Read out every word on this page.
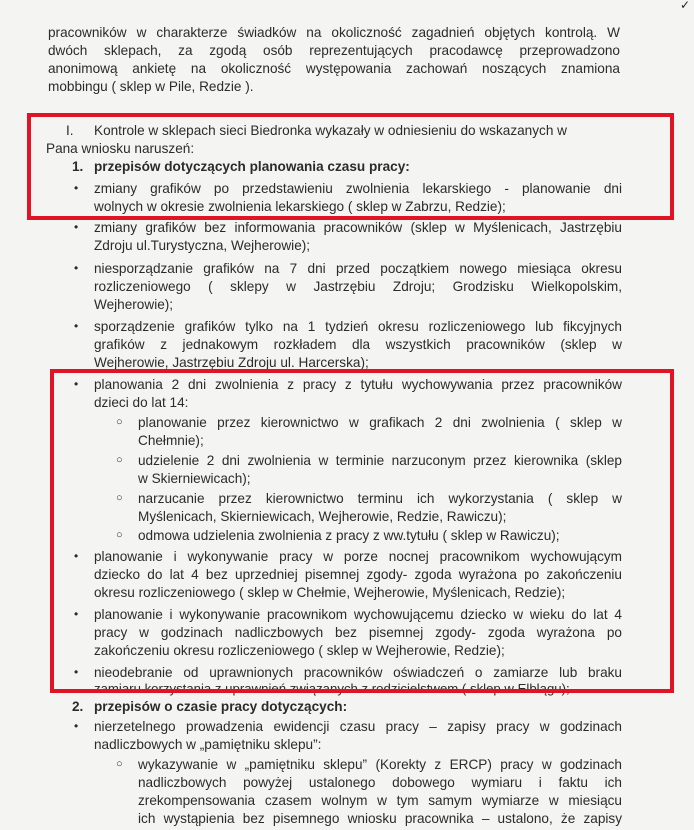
✓
pracowników w charakterze świadków na okoliczność zagadnień objętych kontrolą. W
dwóch sklepach, za zgodą osób reprezentujących pracodawcę przeprowadzono
anonimową ankietę na okoliczność występowania zachowań noszących znamiona
mobbingu ( sklep w Pile, Redzie ).
I. Kontrole w sklepach sieci Biedronka wykazały w odniesieniu do wskazanych w
Pana wniosku naruszeń:
1. przepisów dotyczących planowania czasu pracy:
• zmiany grafików po przedstawieniu zwolnienia lekarskiego - planowanie dni
wolnych w okresie zwolnienia lekarskiego ( sklep w Zabrzu, Redzie);
• zmiany grafików bez informowania pracowników (sklep w Myślenicach, Jastrzębiu
Zdroju ul.Turystyczna, Wejherowie);
• niesporządzanie grafików na 7 dni przed początkiem nowego miesiąca okresu
rozliczeniowego ( sklepy w Jastrzębiu Zdroju; Grodzisku Wielkopolskim,
Wejherowie);
• sporządzenie grafików tylko na 1 tydzień okresu rozliczeniowego lub fikcyjnych
grafików z jednakowym rozkładem dla wszystkich pracowników (sklep w
Wejherowie, Jastrzębiu Zdroju ul. Harcerska);
• planowania 2 dni zwolnienia z pracy z tytułu wychowywania przez pracowników
dzieci do lat 14:
○ planowanie przez kierownictwo w grafikach 2 dni zwolnienia ( sklep w
Chełmnie);
○ udzielenie 2 dni zwolnienia w terminie narzuconym przez kierownika (sklep
w Skierniewicach);
○ narzucanie przez kierownictwo terminu ich wykorzystania ( sklep w
Myślenicach, Skierniewicach, Wejherowie, Redzie, Rawiczu);
○ odmowa udzielenia zwolnienia z pracy z ww.tytułu ( sklep w Rawiczu);
• planowanie i wykonywanie pracy w porze nocnej pracownikom wychowującym
dziecko do lat 4 bez uprzedniej pisemnej zgody- zgoda wyrażona po zakończeniu
okresu rozliczeniowego ( sklep w Chełmie, Wejherowie, Myślenicach, Redzie);
• planowanie i wykonywanie pracownikom wychowującemu dziecko w wieku do lat 4
pracy w godzinach nadliczbowych bez pisemnej zgody- zgoda wyrażona po
zakończeniu okresu rozliczeniowego ( sklep w Wejherowie, Redzie);
• nieodebranie od uprawnionych pracowników oświadczeń o zamiarze lub braku
zamiaru korzystania z uprawnień związanych z rodzicielstwem ( sklep w Elblągu);
2. przepisów o czasie pracy dotyczących:
• nierzetelnego prowadzenia ewidencji czasu pracy – zapisy pracy w godzinach
nadliczbowych w „pamiętniku sklepu”:
○ wykazywanie w „pamiętniku sklepu” (Korekty z ERCP) pracy w godzinach
nadliczbowych powyżej ustalonego dobowego wymiaru i faktu ich
zrekompensowania czasem wolnym w tym samym wymiarze w miesiącu
ich wystąpienia bez pisemnego wniosku pracownika – ustalono, że zapisy
